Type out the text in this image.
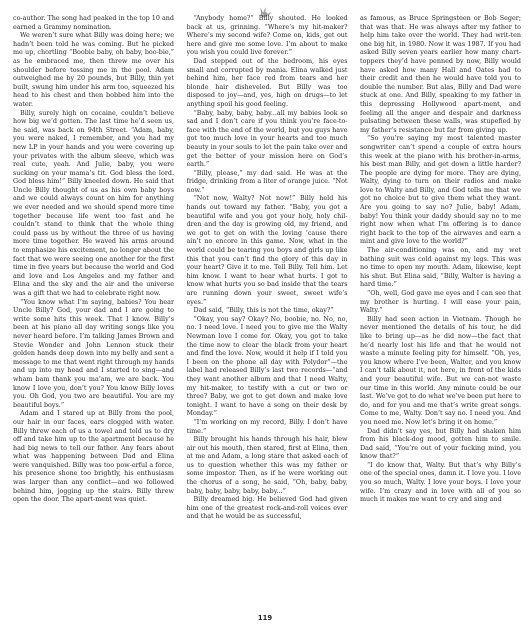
co-author. The song had peaked in the top 10 and earned a Grammy nomination.

We weren’t sure what Billy was doing here; we hadn’t been told he was coming. But he picked me up, chortling “Boobie baby, oh baby, boo-bie,” as he embraced me, then threw me over his shoulder before tossing me in the pool. Adam outweighed me by 20 pounds, but Billy, thin yet built, swung him under his arm too, squeezed his head to his chest and then bobbed him into the water.

Billy, surely high on cocaine, couldn’t believe how big we’d gotten. The last time he’d seen us, he said, was back on 94th Street. “Adam, baby, you were naked, I remember, and you had my new LP in your hands and you were covering up your privates with the album sleeve, which was real cute, yeah. And Julie, baby, you were sucking on your mama’s tit. God bless the lord. God bless him!” Billy kneeled down. He said that Uncle Billy thought of us as his own baby boys and we could always count on him for anything we ever needed and we should spend more time together because life went too fast and he couldn’t stand to think that the whole thing could pass us by without the three of us having more time together. He waved his arms around to emphasize his excitement, no longer about the fact that we were seeing one another for the first time in five years but because the world and God and love and Los Angeles and my father and Elina and the sky and the air and the universe was a gift that we had to celebrate right now.

“You know what I’m saying, babies? You hear Uncle Billy? God, your dad and I are going to write some hits this week. That I know. Billy’s been at his piano all day writing songs like you never heard before. I’m talking James Brown and Stevie Wonder and John Lennon stuck their golden hands deep down into my belly and sent a message to me that went right through my hands and up into my head and I started to sing—and wham bam thank you ma’am, we are back. You know I love you, don’t you? You know Billy loves you. Oh God, you two are beautiful. You are my beautiful boys.”

Adam and I stared up at Billy from the pool, our hair in our faces, ears clogged with water. Billy threw each of us a towel and told us to dry off and take him up to the apartment because he had big news to tell our father. Any fears about what was happening between Dad and Elina were vanquished. Billy was too pow-erful a force, his presence shone too brightly, his enthusiasm was larger than any conflict—and we followed behind him, jogging up the stairs. Billy threw open the door. The apart-ment was quiet.

“Anybody home?” Billy shouted. He looked back at us, grinning. “Where’s my hit-maker? Where’s my second wife? Come on, kids, get out here and give me some love. I’m about to make you wish you could live forever.”

Dad stepped out of the bedroom, his eyes small and corrupted by mania. Elina walked just behind him, her face red from tears and her blonde hair disheveled. But Billy was too disposed to joy—and, yes, high on drugs—to let anything spoil his good feeling.

“Baby, baby, baby, baby...all my babies look so sad and I don’t care if you think you’re face-to-face with the end of the world, but you guys have got too much love in your hearts and too much beauty in your souls to let the pain take over and get the better of your mission here on God’s earth.”

“Billy, please,” my dad said. He was at the fridge, drinking from a liter of orange juice. “Not now.”

“Not now, Walty? Not now!” Billy held his hands out toward my father. “Baby, you got a beautiful wife and you got your holy, holy chil-dren and the day is growing old, my friend, and we got to get on with the loving ’cause there ain’t no encore in this game. Now, what in the world could be tearing you boys and girls up like this that you can’t find the glory of this day in your heart? Give it to me. Tell Billy. Tell him. Let him know. I want to hear what hurts. I got to know what hurts you so bad inside that the tears are running down your sweet, sweet wife’s eyes.”

Dad said, “Billy, this is not the time, okay?”

“Okay, you say? Okay? No, boobie, no. No, no, no. I need love. I need you to give me the Walty Newman love I come for. Okay, you got to take the time now to clear the black from your heart and find the love. Now, would it help if I told you I been on the phone all day with Polydor”—the label had released Billy’s last two records—“and they want another album and that I need Walty, my hit-maker, to testify with a cut or two or three? Baby, we got to get down and make love tonight. I want to have a song on their desk by Monday.”

“I’m working on my record, Billy. I don’t have time.”

Billy brought his hands through his hair, blew air out his mouth, then stared, first at Elina, then at me and Adam, a long stare that asked each of us to question whether this was my father or some impostor. Then, as if he were working out the chorus of a song, he said, “Oh, baby, baby, baby, baby, baby, baby, baby...”

Billy dreamed big. He believed God had given him one of the greatest rock-and-roll voices ever and that he would be as successful,

as famous, as Bruce Springsteen or Bob Seger; that was that. He was always after my father to help him take over the world. They had writ-ten one big hit, in 1980. Now it was 1987. If you had asked Billy seven years earlier how many chart-toppers they’d have penned by now, Billy would have asked how many Hall and Oates had to their credit and then he would have told you to double the number. But alas, Billy and Dad were stuck at one. And Billy, speaking to my father in this depressing Hollywood apart-ment, and feeling all the anger and despair and darkness pulsating between these walls, was stupefied by my father’s resistance but far from giving up.

“So you’re saying my most talented master songwriter can’t spend a couple of extra hours this week at the piano with his brother-in-arms, his best man Billy, and get down a little harder? The people are dying for more. They are dying, Walty, dying to turn on their radios and make love to Walty and Billy, and God tells me that we got no choice but to give them what they want. Are you going to say no? Julie, baby! Adam, baby! You think your daddy should say no to me right now when what I’m offering is to dance right back to the top of the airwaves and earn a mint and give love to the world?”

The air-conditioning was on, and my wet bathing suit was cold against my legs. This was no time to open my mouth. Adam, likewise, kept his shut. But Elina said, “Billy, Walter is having a hard time.”

“Oh, well, God gave me eyes and I can see that my brother is hurting. I will ease your pain, Walty.”

Billy had seen action in Vietnam. Though he never mentioned the details of his tour, he did like to bring up—as he did now—the fact that he’d nearly lost his life and that he would not waste a minute feeling pity for himself. “Oh, yes, you know where I’ve been, Walter, and you know I can’t talk about it, not here, in front of the kids and your beautiful wife. But we can-not waste our time in this world. Any minute could be our last. We’ve got to do what we’ve been put here to do, and for you and me that’s write great songs. Come to me, Walty. Don’t say no. I need you. And you need me. Now let’s bring it on home.”

Dad didn’t say yes, but Billy had shaken him from his black-dog mood, gotten him to smile. Dad said, “You’re out of your fucking mind, you know that?”

“I do know that, Walty. But that’s why Billy’s one of the special ones, damn it. I love you. I love you so much, Walty. I love your boys. I love your wife. I’m crazy and in love with all of you so much it makes me want to cry and sing and

119
